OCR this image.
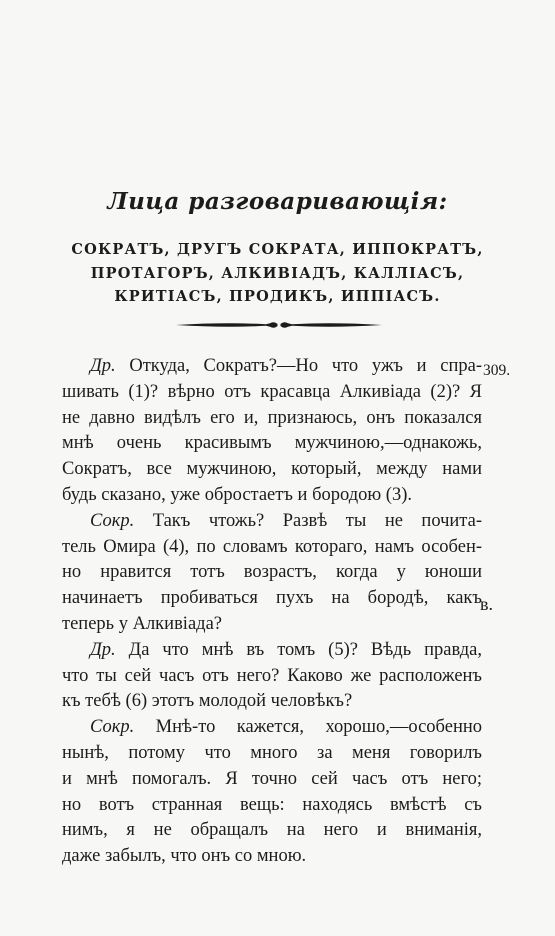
Лица разговаривающія:
СОКРАТЪ, ДРУГЪ СОКРАТА, ИППОКРАТЪ,
ПРОТАГОРЪ, АЛКИВІАДЪ, КАЛЛІАСЪ,
КРИТІАСЪ, ПРОДИКЪ, ИППІАСЪ.
309.
в.
Др. Откуда, Сократъ?—Но что ужъ и спра-
шивать (1)? вѣрно отъ красавца Алкивіада (2)? Я
не давно видѣлъ его и, признаюсь, онъ показался
мнѣ очень красивымъ мужчиною,—однакожь,
Сократъ, все мужчиною, который, между нами
будь сказано, уже обростаетъ и бородою (3).
Сокр. Такъ чтожь? Развѣ ты не почита-
тель Омира (4), по словамъ котораго, намъ особен-
но нравится тотъ возрастъ, когда у юноши
начинаетъ пробиваться пухъ на бородѣ, какъ
теперь у Алкивіада?
Др. Да что мнѣ въ томъ (5)? Вѣдь правда,
что ты сей часъ отъ него? Каково же расположенъ
къ тебѣ (6) этотъ молодой человѣкъ?
Сокр. Мнѣ-то кажется, хорошо,—особенно
нынѣ, потому что много за меня говорилъ
и мнѣ помогалъ. Я точно сей часъ отъ него;
но вотъ странная вещь: находясь вмѣстѣ съ
нимъ, я не обращалъ на него и вниманія,
даже забылъ, что онъ со мною.
